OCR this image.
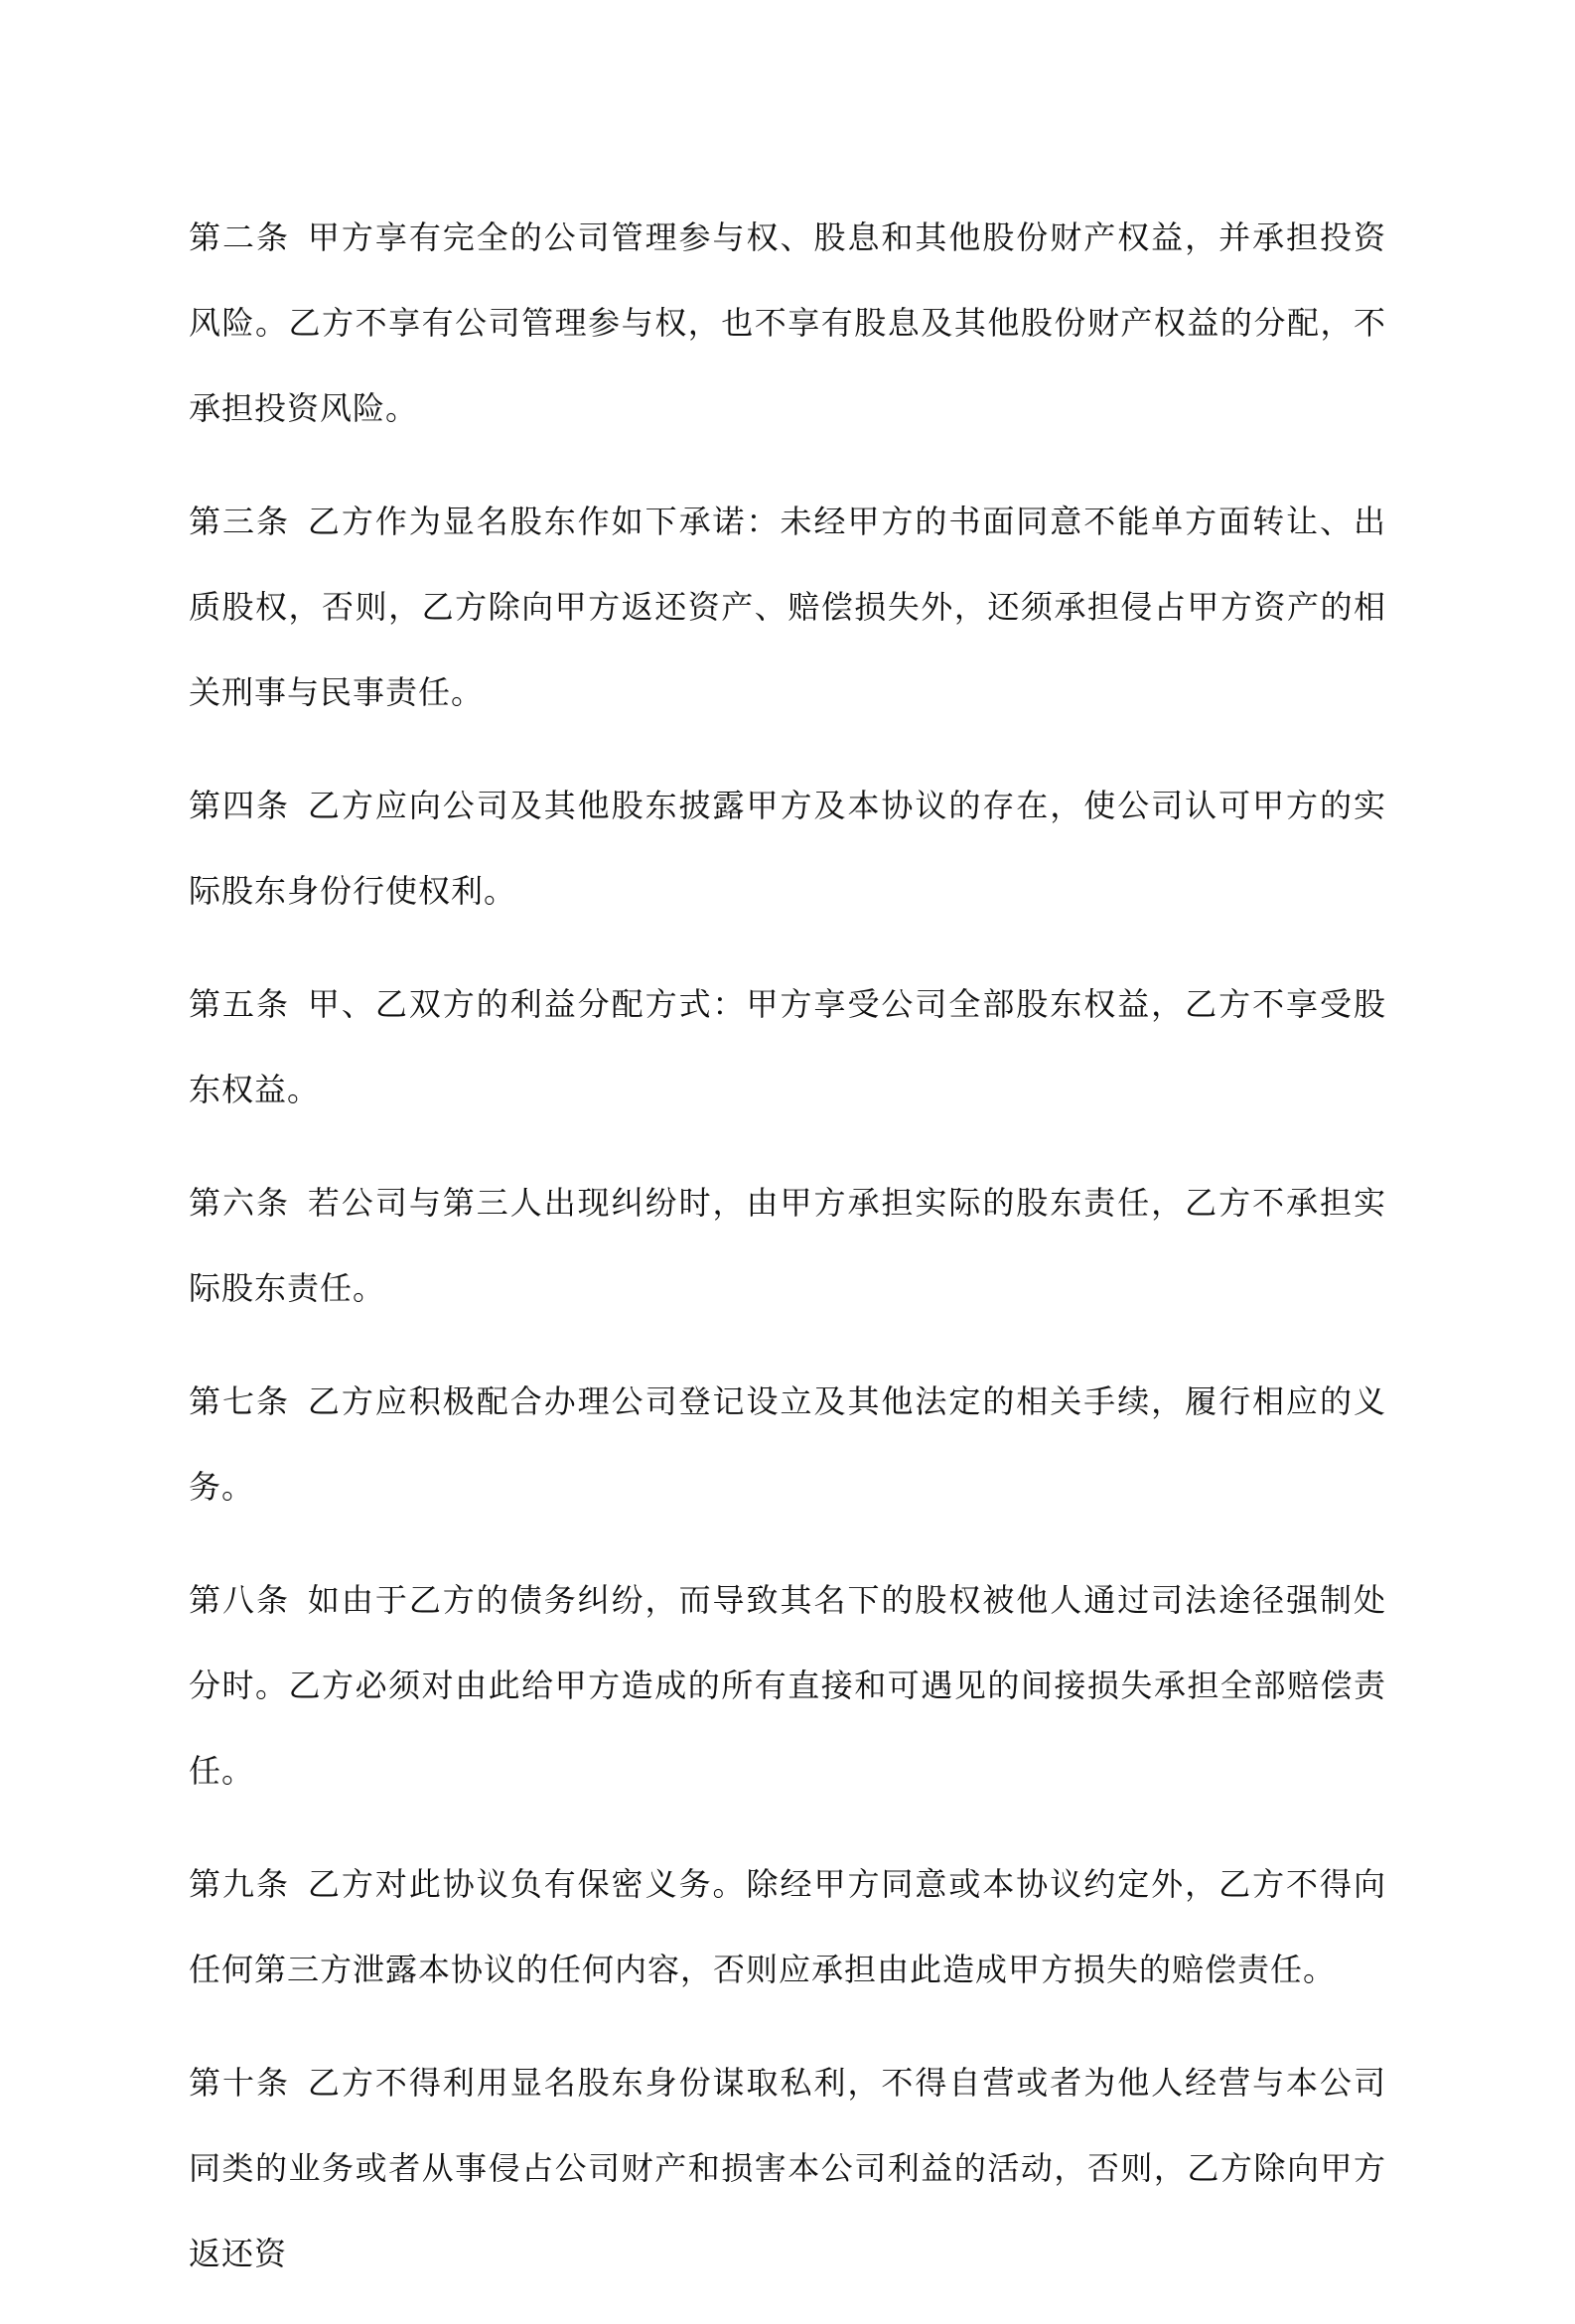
第二条 甲方享有完全的公司管理参与权、股息和其他股份财产权益，并承担投资风险。乙方不享有公司管理参与权，也不享有股息及其他股份财产权益的分配，不承担投资风险。

第三条 乙方作为显名股东作如下承诺：未经甲方的书面同意不能单方面转让、出质股权，否则，乙方除向甲方返还资产、赔偿损失外，还须承担侵占甲方资产的相关刑事与民事责任。

第四条 乙方应向公司及其他股东披露甲方及本协议的存在，使公司认可甲方的实际股东身份行使权利。

第五条 甲、乙双方的利益分配方式：甲方享受公司全部股东权益，乙方不享受股东权益。

第六条 若公司与第三人出现纠纷时，由甲方承担实际的股东责任，乙方不承担实际股东责任。

第七条 乙方应积极配合办理公司登记设立及其他法定的相关手续，履行相应的义务。

第八条 如由于乙方的债务纠纷，而导致其名下的股权被他人通过司法途径强制处分时。乙方必须对由此给甲方造成的所有直接和可遇见的间接损失承担全部赔偿责任。

第九条 乙方对此协议负有保密义务。除经甲方同意或本协议约定外，乙方不得向任何第三方泄露本协议的任何内容，否则应承担由此造成甲方损失的赔偿责任。

第十条 乙方不得利用显名股东身份谋取私利，不得自营或者为他人经营与本公司同类的业务或者从事侵占公司财产和损害本公司利益的活动，否则，乙方除向甲方返还资
